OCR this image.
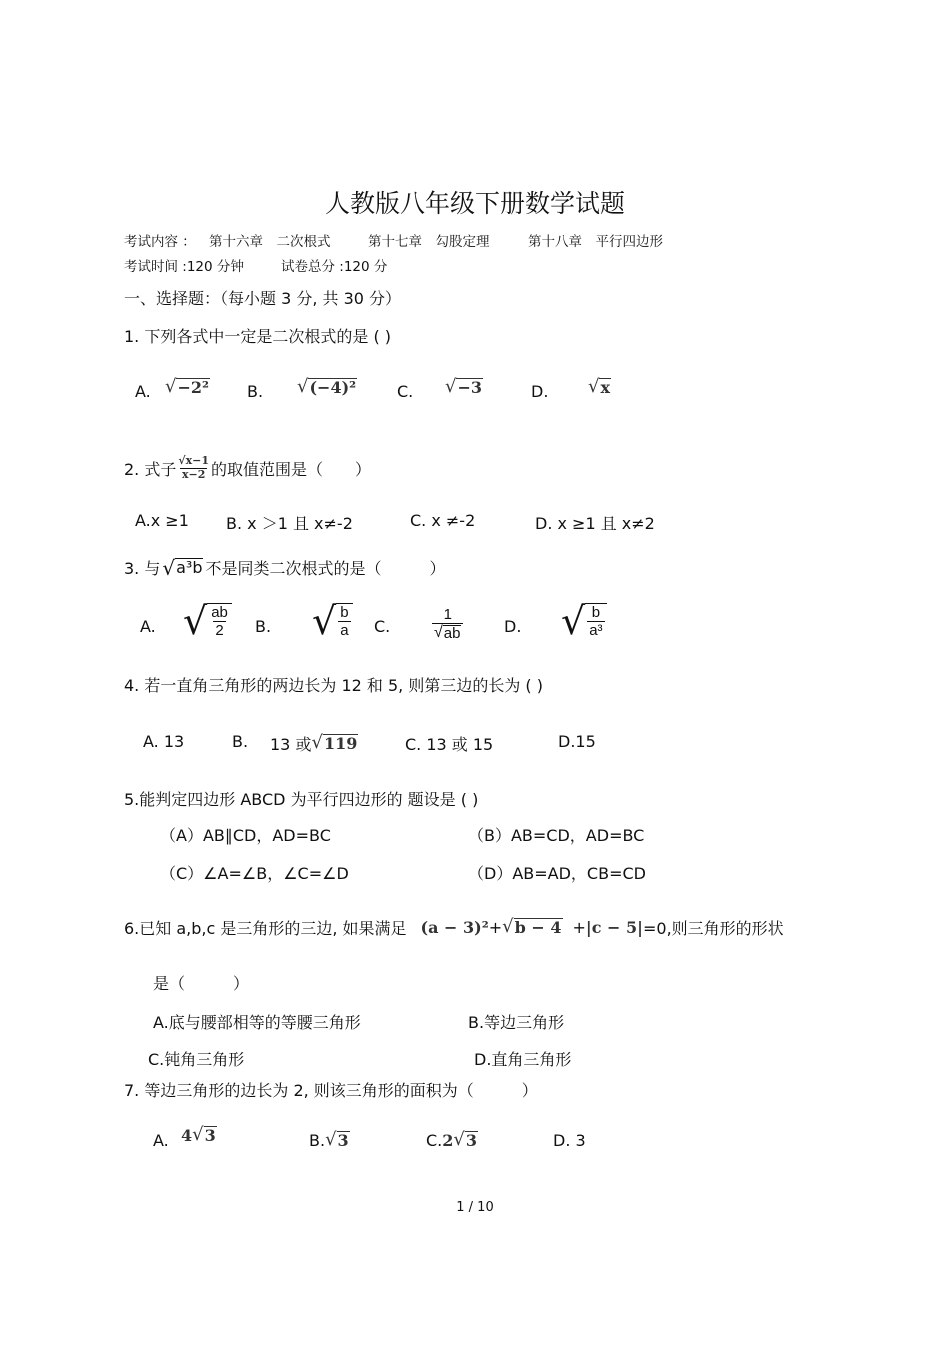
人教版八年级下册数学试题
考试内容 ： 第十六章　二次根式	第十七章　勾股定理	第十八章　平行四边形
考试时间 :120 分钟	试卷总分 :120 分
一、选择题：（每小题 3 分, 共 30 分）
1. 下列各式中一定是二次根式的是 ( )
A. √ −2² B. √ (−4)²	C. √ −3	D. √ x
2. 式子 $\frac{√x-1}{x-2}$ 的取值范围是（　　）
A.x ≥1 B. x ＞1 且 x≠-2	C. x ≠-2	D. x ≥1 且 x≠2
3. 与 √ a³b 不是同类二次根式的是（　　　）
A. √ $\frac{ab}{2} B$. √ $\frac{b}{a} C$.	$\frac{1}{√ ab}$	D. √ $\frac{b}{\text{a³}}$
4. 若一直角三角形的两边长为 12 和 5, 则第三边的长为 ( )
A. 13	B. 13 或 √ 119	C. 13 或 15	D.15
5.能判定四边形 ABCD 为平行四边形的 题设是 ( )
（A）AB∥CD，AD=BC	（B）AB=CD，AD=BC
（C）∠A=∠B，∠C=∠D	（D）AB=AD，CB=CD
6.已知 a,b,c 是三角形的三边, 如果满足 (a − 3)² + √ b − 4 + |c − 5| =0,则三角形的形状
是（　　　）
A.底与腰部相等的等腰三角形	B.等边三角形
C.钝角三角形	D.直角三角形
7. 等边三角形的边长为 2, 则该三角形的面积为（　　　）
A. 4 √ 3	B. √ 3	C. 2 √ 3	D. 3
1 / 10
